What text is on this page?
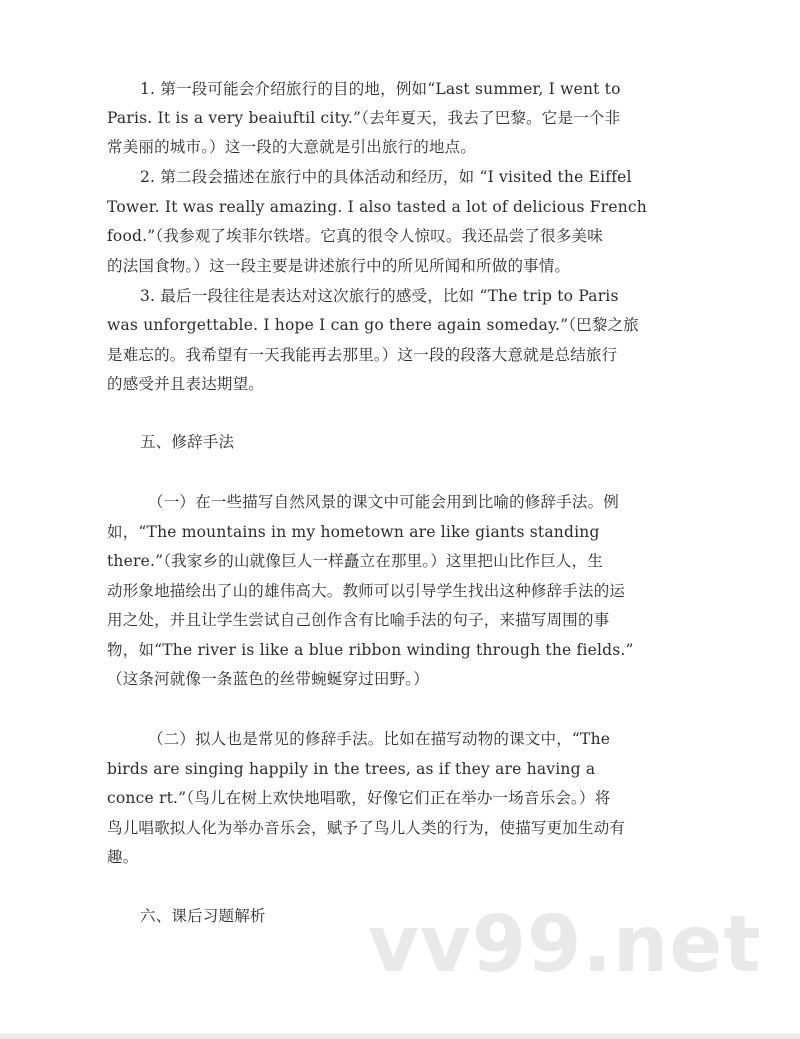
1. 第一段可能会介绍旅行的目的地，例如“Last summer, I went to
Paris. It is a very beaiuftil city.”（去年夏天，我去了巴黎。它是一个非
常美丽的城市。）这一段的大意就是引出旅行的地点。
2. 第二段会描述在旅行中的具体活动和经历，如 “I visited the Eiffel
Tower. It was really amazing. I also tasted a lot of delicious French
food.”（我参观了埃菲尔铁塔。它真的很令人惊叹。我还品尝了很多美味
的法国食物。）这一段主要是讲述旅行中的所见所闻和所做的事情。
3. 最后一段往往是表达对这次旅行的感受，比如 “The trip to Paris
was unforgettable. I hope I can go there again someday.”（巴黎之旅
是难忘的。我希望有一天我能再去那里。）这一段的段落大意就是总结旅行
的感受并且表达期望。
五、修辞手法
（一）在一些描写自然风景的课文中可能会用到比喻的修辞手法。例
如，“The mountains in my hometown are like giants standing
there.”（我家乡的山就像巨人一样矗立在那里。）这里把山比作巨人，生
动形象地描绘出了山的雄伟高大。教师可以引导学生找出这种修辞手法的运
用之处，并且让学生尝试自己创作含有比喻手法的句子，来描写周围的事
物，如“The river is like a blue ribbon winding through the fields.”
（这条河就像一条蓝色的丝带蜿蜒穿过田野。）
（二）拟人也是常见的修辞手法。比如在描写动物的课文中，“The
birds are singing happily in the trees, as if they are having a
conce rt.”（鸟儿在树上欢快地唱歌，好像它们正在举办一场音乐会。）将
鸟儿唱歌拟人化为举办音乐会，赋予了鸟儿人类的行为，使描写更加生动有
趣。
六、课后习题解析 vv99.net
